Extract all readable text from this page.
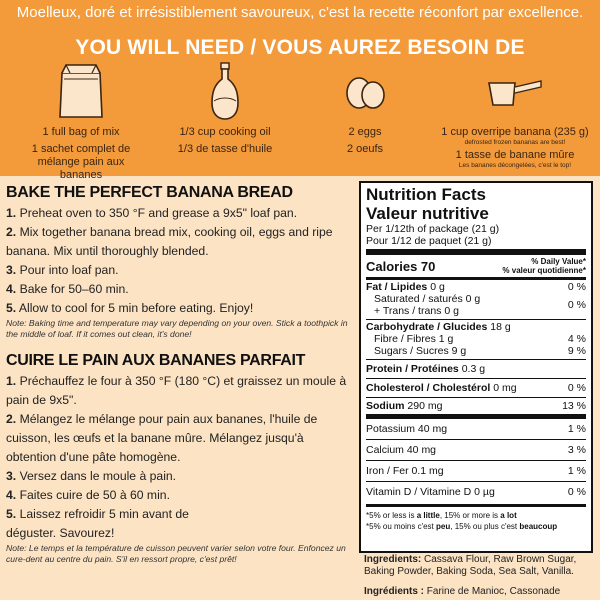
Moelleux, doré et irrésistiblement savoureux, c'est la recette réconfort par excellence.
YOU WILL NEED / VOUS AUREZ BESOIN DE
1 full bag of mix
1 sachet complet de mélange pain aux bananes
1/3 cup cooking oil
1/3 de tasse d'huile
2 eggs
2 oeufs
1 cup overripe banana (235 g)
defrosted frozen bananas are best!
1 tasse de banane mûre
Les bananes décongelées, c'est le top!
BAKE THE PERFECT BANANA BREAD
1. Preheat oven to 350 °F and grease a 9x5" loaf pan.
2. Mix together banana bread mix, cooking oil, eggs and ripe banana. Mix until thoroughly blended.
3. Pour into loaf pan.
4. Bake for 50–60 min.
5. Allow to cool for 5 min before eating. Enjoy!
Note: Baking time and temperature may vary depending on your oven. Stick a toothpick in the middle of loaf. If it comes out clean, it's done!
CUIRE LE PAIN AUX BANANES PARFAIT
1. Préchauffez le four à 350 °F (180 °C) et graissez un moule à pain de 9x5".
2. Mélangez le mélange pour pain aux bananes, l'huile de cuisson, les œufs et la banane mûre. Mélangez jusqu'à obtention d'une pâte homogène.
3. Versez dans le moule à pain.
4. Faites cuire de 50 à 60 min.
5. Laissez refroidir 5 min avant de déguster. Savourez!
Note: Le temps et la température de cuisson peuvent varier selon votre four. Enfoncez un cure-dent au centre du pain. S'il en ressort propre, c'est prêt!
Nutrition Facts
Valeur nutritive
Per 1/12th of package (21 g)
Pour 1/12 de paquet (21 g)
Calories 70	% Daily Value*
% valeur quotidienne*
Fat / Lipides 0 g	0 %
Saturated / saturés 0 g
+ Trans / trans 0 g	0 %
Carbohydrate / Glucides 18 g
Fibre / Fibres 1 g	4 %
Sugars / Sucres 9 g	9 %
Protein / Protéines 0.3 g
Cholesterol / Cholestérol 0 mg	0 %
Sodium 290 mg	13 %
Potassium 40 mg	1 %
Calcium 40 mg	3 %
Iron / Fer 0.1 mg	1 %
Vitamin D / Vitamine D 0 µg	0 %
*5% or less is a little, 15% or more is a lot
*5% ou moins c'est peu, 15% ou plus c'est beaucoup
Ingredients: Cassava Flour, Raw Brown Sugar, Baking Powder, Baking Soda, Sea Salt, Vanilla.
Ingrédients : Farine de Manioc, Cassonade
